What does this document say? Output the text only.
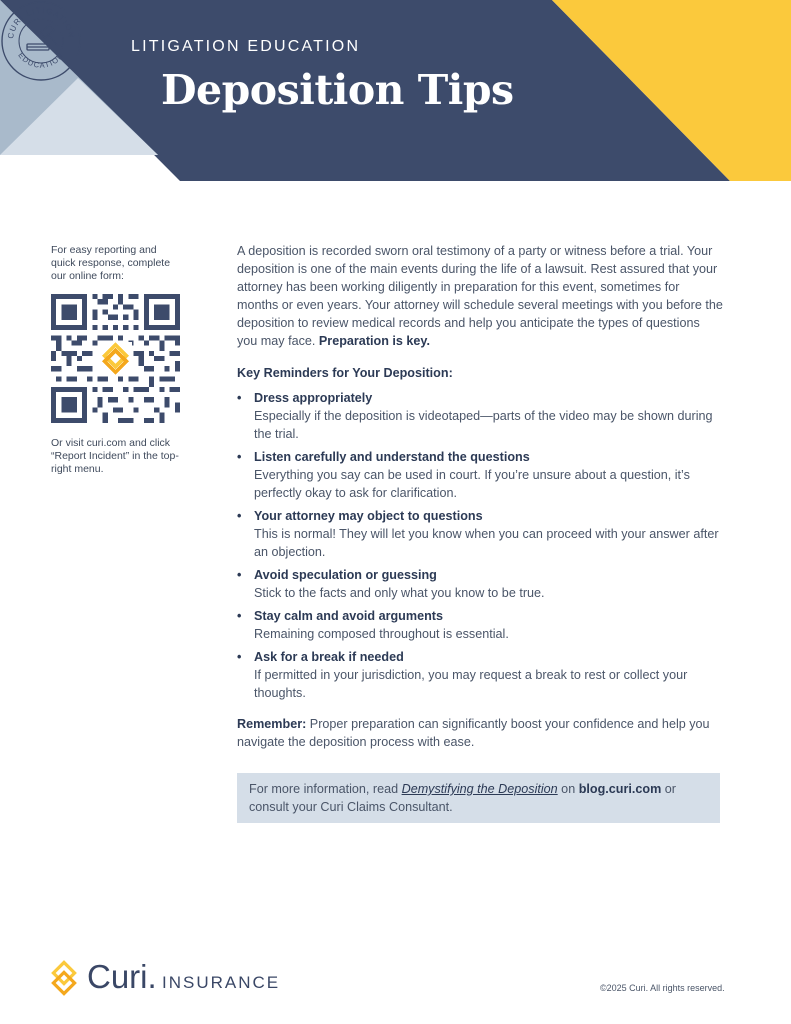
LITIGATION EDUCATION
Deposition Tips
CURI LITIGATION
EDUCATION
For easy reporting and quick response, complete our online form:
Or visit curi.com and click “Report Incident” in the top-right menu.

A deposition is recorded sworn oral testimony of a party or witness before a trial. Your deposition is one of the main events during the life of a lawsuit. Rest assured that your attorney has been working diligently in preparation for this event, sometimes for months or even years. Your attorney will schedule several meetings with you before the deposition to review medical records and help you anticipate the types of questions you may face. Preparation is key.

Key Reminders for Your Deposition:
• Dress appropriately
Especially if the deposition is videotaped—parts of the video may be shown during the trial.
• Listen carefully and understand the questions
Everything you say can be used in court. If you’re unsure about a question, it’s perfectly okay to ask for clarification.
• Your attorney may object to questions
This is normal! They will let you know when you can proceed with your answer after an objection.
• Avoid speculation or guessing
Stick to the facts and only what you know to be true.
• Stay calm and avoid arguments
Remaining composed throughout is essential.
• Ask for a break if needed
If permitted in your jurisdiction, you may request a break to rest or collect your thoughts.

Remember: Proper preparation can significantly boost your confidence and help you navigate the deposition process with ease.

For more information, read Demystifying the Deposition on blog.curi.com or consult your Curi Claims Consultant.
Curi. INSURANCE	©2025 Curi. All rights reserved.
